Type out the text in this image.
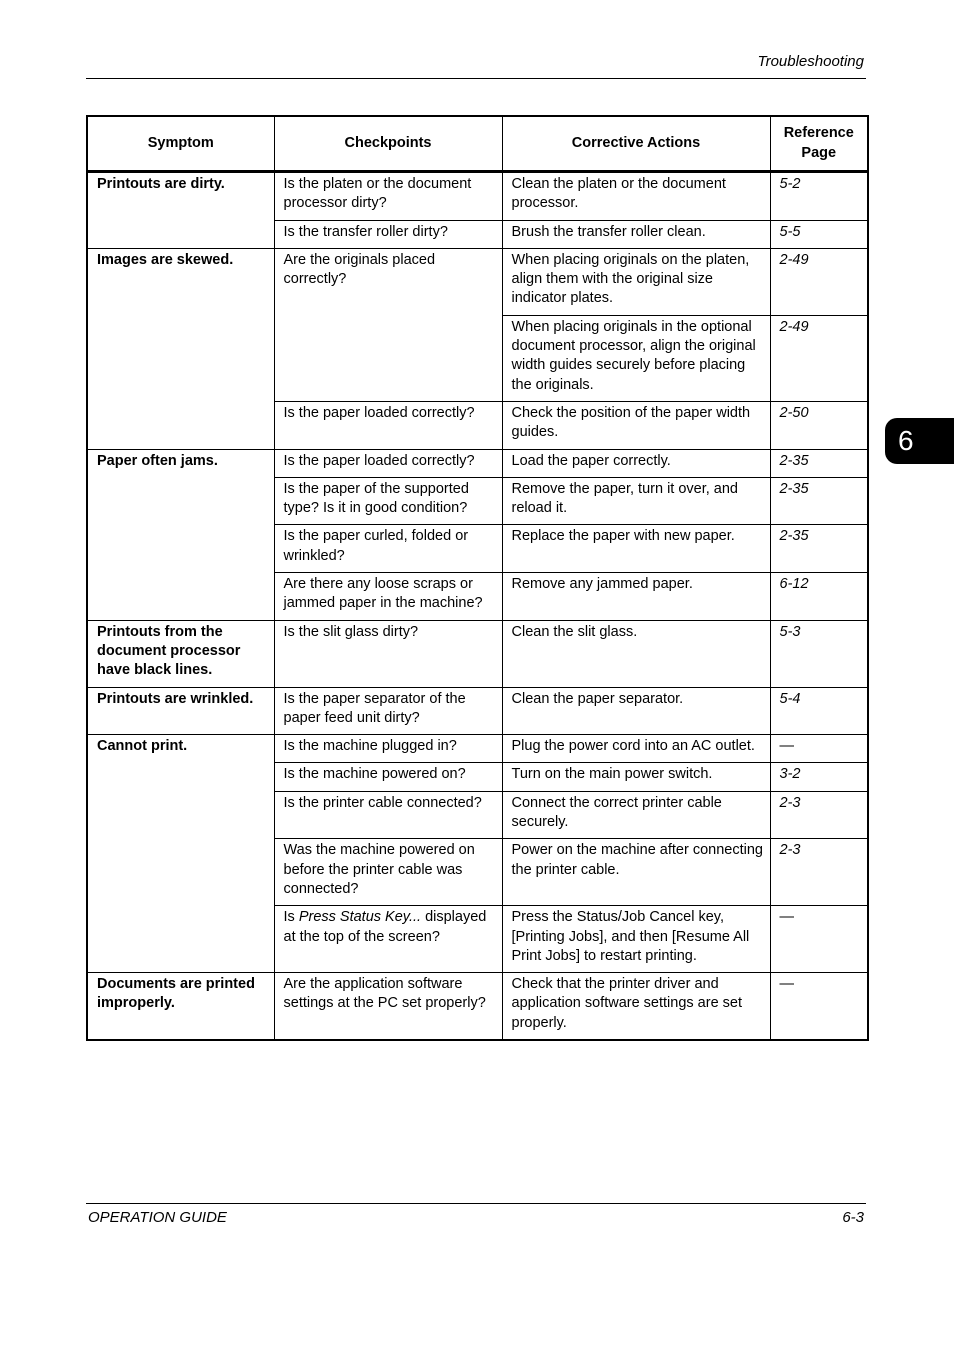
Troubleshooting
6
Symptom	Checkpoints	Corrective Actions	Reference Page
Printouts are dirty.	Is the platen or the document processor dirty?	Clean the platen or the document processor.	5-2
	Is the transfer roller dirty?	Brush the transfer roller clean.	5-5
Images are skewed.	Are the originals placed correctly?	When placing originals on the platen, align them with the original size indicator plates.	2-49
		When placing originals in the optional document processor, align the original width guides securely before placing the originals.	2-49
	Is the paper loaded correctly?	Check the position of the paper width guides.	2-50
Paper often jams.	Is the paper loaded correctly?	Load the paper correctly.	2-35
	Is the paper of the supported type? Is it in good condition?	Remove the paper, turn it over, and reload it.	2-35
	Is the paper curled, folded or wrinkled?	Replace the paper with new paper.	2-35
	Are there any loose scraps or jammed paper in the machine?	Remove any jammed paper.	6-12
Printouts from the document processor have black lines.	Is the slit glass dirty?	Clean the slit glass.	5-3
Printouts are wrinkled.	Is the paper separator of the paper feed unit dirty?	Clean the paper separator.	5-4
Cannot print.	Is the machine plugged in?	Plug the power cord into an AC outlet.	—
	Is the machine powered on?	Turn on the main power switch.	3-2
	Is the printer cable connected?	Connect the correct printer cable securely.	2-3
	Was the machine powered on before the printer cable was connected?	Power on the machine after connecting the printer cable.	2-3
	Is Press Status Key... displayed at the top of the screen?	Press the Status/Job Cancel key, [Printing Jobs], and then [Resume All Print Jobs] to restart printing.	—
Documents are printed improperly.	Are the application software settings at the PC set properly?	Check that the printer driver and application software settings are set properly.	—
OPERATION GUIDE	6-3
